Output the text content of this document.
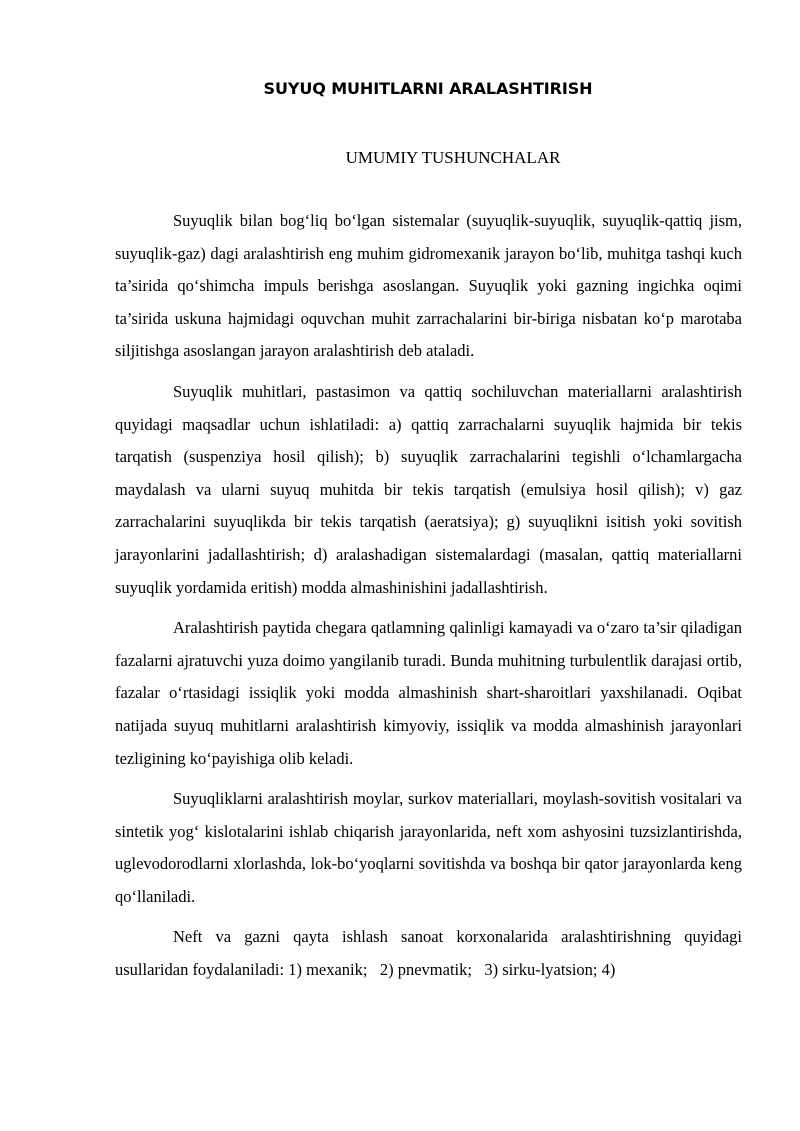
SUYUQ MUHITLARNI ARALASHTIRISH
UMUMIY TUSHUNCHALAR

Suyuqlik bilan bog‘liq bo‘lgan sistemalar (suyuqlik-suyuqlik, suyuqlik-qattiq jism, suyuqlik-gaz) dagi aralashtirish eng muhim gidromexanik jarayon bo‘lib, muhitga tashqi kuch ta’sirida qo‘shimcha impuls berishga asoslangan. Suyuqlik yoki gazning ingichka oqimi ta’sirida uskuna hajmidagi oquvchan muhit zarrachalarini bir-biriga nisbatan ko‘p marotaba siljitishga asoslangan jarayon aralashtirish deb ataladi.

Suyuqlik muhitlari, pastasimon va qattiq sochiluvchan materiallarni aralashtirish quyidagi maqsadlar uchun ishlatiladi: a) qattiq zarrachalarni suyuqlik hajmida bir tekis tarqatish (suspenziya hosil qilish); b) suyuqlik zarrachalarini tegishli o‘lchamlargacha maydalash va ularni suyuq muhitda bir tekis tarqatish (emulsiya hosil qilish); v) gaz zarrachalarini suyuqlikda bir tekis tarqatish (aeratsiya); g) suyuqlikni isitish yoki sovitish jarayonlarini jadallashtirish; d) aralashadigan sistemalardagi (masalan, qattiq materiallarni suyuqlik yordamida eritish) modda almashinishini jadallashtirish.

Aralashtirish paytida chegara qatlamning qalinligi kamayadi va o‘zaro ta’sir qiladigan fazalarni ajratuvchi yuza doimo yangilanib turadi. Bunda muhitning turbulentlik darajasi ortib, fazalar o‘rtasidagi issiqlik yoki modda almashinish shart-sharoitlari yaxshilanadi. Oqibat natijada suyuq muhitlarni aralashtirish kimyoviy, issiqlik va modda almashinish jarayonlari tezligining ko‘payishiga olib keladi.

Suyuqliklarni aralashtirish moylar, surkov materiallari, moylash-sovitish vositalari va sintetik yog‘ kislotalarini ishlab chiqarish jarayonlarida, neft xom ashyosini tuzsizlantirishda, uglevodorodlarni xlorlashda, lok-bo‘yoqlarni sovitishda va boshqa bir qator jarayonlarda keng qo‘llaniladi.

Neft va gazni qayta ishlash sanoat korxonalarida aralashtirishning quyidagi usullaridan foydalaniladi: 1) mexanik;   2) pnevmatik;   3) sirku-lyatsion; 4)
